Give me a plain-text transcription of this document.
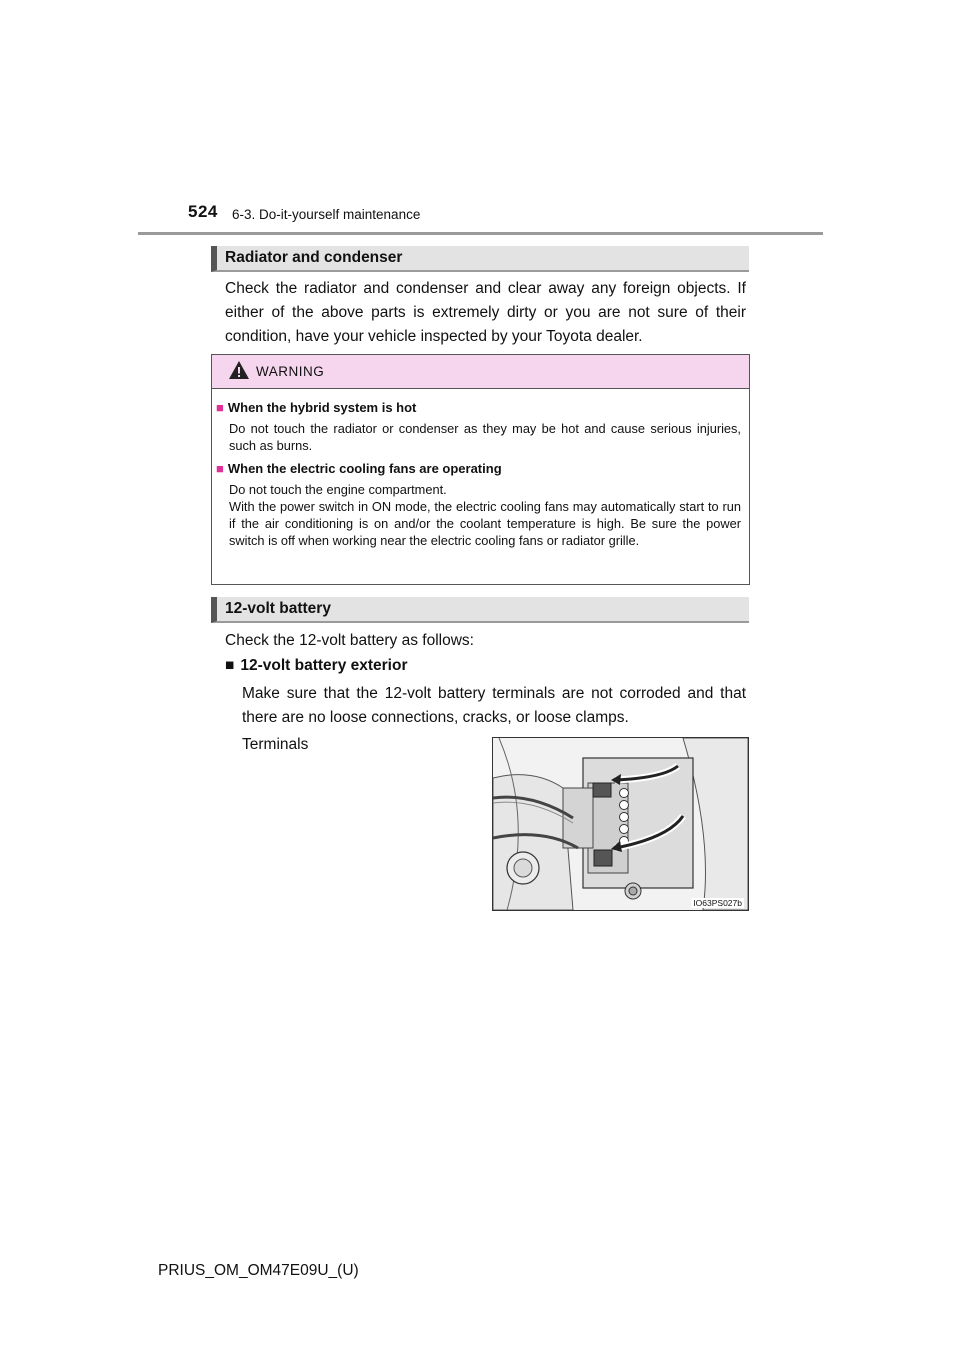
524 6-3. Do-it-yourself maintenance
Radiator and condenser

Check the radiator and condenser and clear away any foreign objects. If either of the above parts is extremely dirty or you are not sure of their condition, have your vehicle inspected by your Toyota dealer.

WARNING
■ When the hybrid system is hot
Do not touch the radiator or condenser as they may be hot and cause serious injuries, such as burns.
■ When the electric cooling fans are operating
Do not touch the engine compartment.
With the power switch in ON mode, the electric cooling fans may automatically start to run if the air conditioning is on and/or the coolant temperature is high. Be sure the power switch is off when working near the electric cooling fans or radiator grille.
12-volt battery
Check the 12-volt battery as follows:
■ 12-volt battery exterior
Make sure that the 12-volt battery terminals are not corroded and that there are no loose connections, cracks, or loose clamps.
Terminals
IO63PS027b
PRIUS_OM_OM47E09U_(U)
